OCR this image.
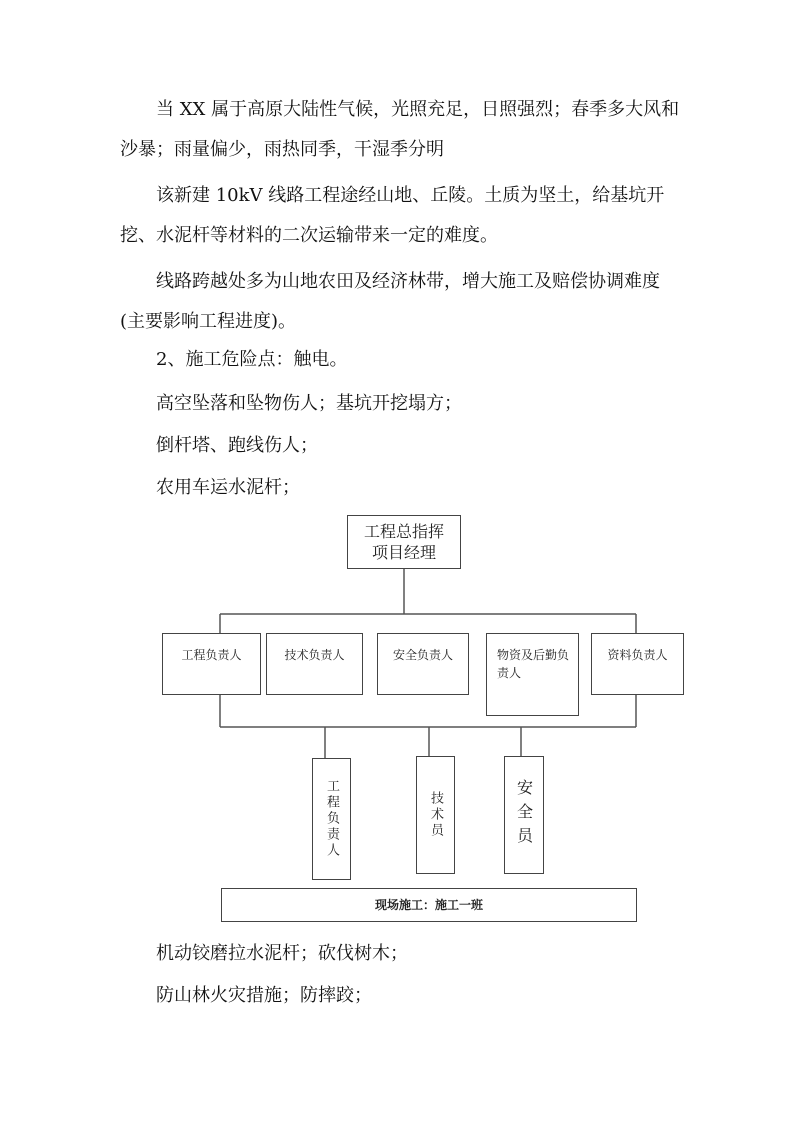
当 XX 属于高原大陆性气候，光照充足，日照强烈；春季多大风和沙暴；雨量偏少，雨热同季，干湿季分明

该新建 10kV 线路工程途经山地、丘陵。土质为坚土，给基坑开挖、水泥杆等材料的二次运输带来一定的难度。

线路跨越处多为山地农田及经济林带，增大施工及赔偿协调难度(主要影响工程进度)。

2、施工危险点：触电。

高空坠落和坠物伤人；基坑开挖塌方；

倒杆塔、跑线伤人；

农用车运水泥杆；

工程总指挥
项目经理
工程负责人	技术负责人	安全负责人	物资及后勤负责人
资料负责人
工程负责人	技术员	安全员
现场施工：施工一班

机动铰磨拉水泥杆；砍伐树木；

防山林火灾措施；防摔跤；
